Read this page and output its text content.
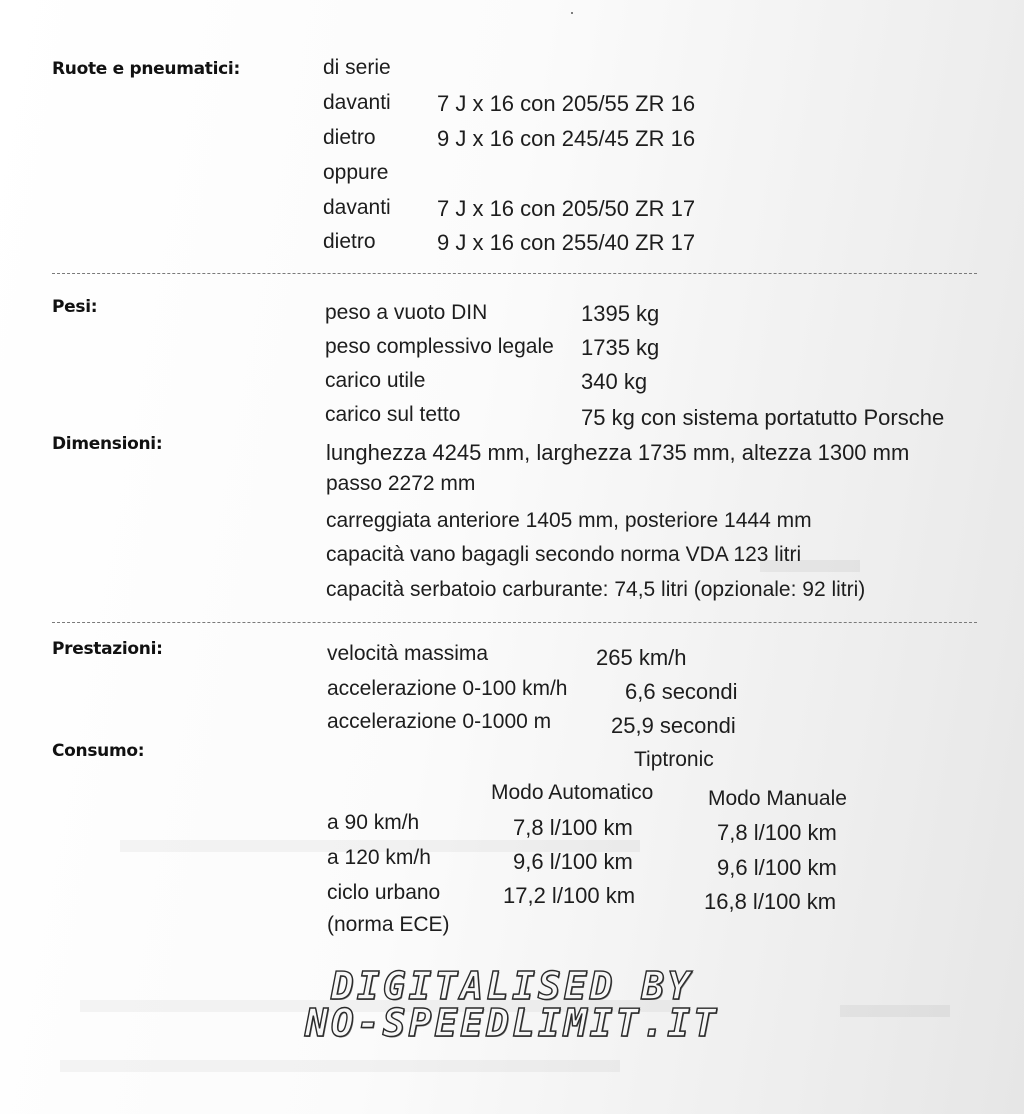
Ruote e pneumatici:	di serie
davanti 7 J x 16 con 205/55 ZR 16
dietro	9 J x 16 con 245/45 ZR 16
oppure
davanti 7 J x 16 con 205/50 ZR 17
dietro	9 J x 16 con 255/40 ZR 17
Pesi:	peso a vuoto DIN	1395 kg
peso complessivo legale 1735 kg
carico utile	340 kg
carico sul tetto	75 kg con sistema portatutto Porsche
Dimensioni:	lunghezza 4245 mm, larghezza 1735 mm, altezza 1300 mm
passo 2272 mm
carreggiata anteriore 1405 mm, posteriore 1444 mm
capacità vano bagagli secondo norma VDA 123 litri
capacità serbatoio carburante: 74,5 litri (opzionale: 92 litri)
Prestazioni:	velocità massima	265 km/h
accelerazione 0-100 km/h	6,6 secondi
accelerazione 0-1000 m	25,9 secondi
Consumo:	Tiptronic
Modo Automatico	Modo Manuale
a 90 km/h	7,8 l/100 km	7,8 l/100 km
a 120 km/h	9,6 l/100 km	9,6 l/100 km
ciclo urbano	17,2 l/100 km	16,8 l/100 km
(norma ECE)
DIGITALISED BY
NO-SPEEDLIMIT.IT
